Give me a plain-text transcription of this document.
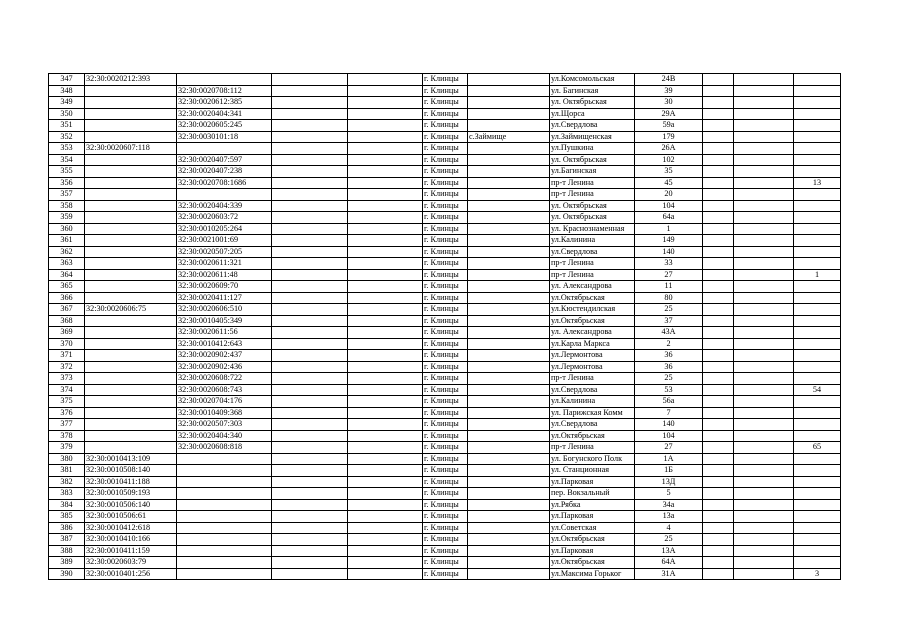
347	32:30:0020212:393				г. Клинцы		ул.Комсомольская	24В			
348		32:30:0020708:112			г. Клинцы		ул. Багинская	39			
349		32:30:0020612:385			г. Клинцы		ул. Октябрьская	30			
350		32:30:0020404:341			г. Клинцы		ул.Щорса	29А			
351		32:30:0020605:245			г. Клинцы		ул.Свердлова	59а			
352		32:30:0030101:18			г. Клинцы	с.Займище	ул.Займищенская	179			
353	32:30:0020607:118				г. Клинцы		ул.Пушкина	26А			
354		32:30:0020407:597			г. Клинцы		ул. Октябрьская	102			
355		32:30:0020407:238			г. Клинцы		ул.Багинская	35			
356		32:30:0020708:1686			г. Клинцы		пр-т Ленина	45			13
357					г. Клинцы		пр-т Ленина	20			
358		32:30:0020404:339			г. Клинцы		ул. Октябрьская	104			
359		32:30:0020603:72			г. Клинцы		ул. Октябрьская	64а			
360		32:30:0010205:264			г. Клинцы		ул. Краснознаменная	1			
361		32:30:0021001:69			г. Клинцы		ул.Калинина	149			
362		32:30:0020507:205			г. Клинцы		ул.Свердлова	140			
363		32:30:0020611:321			г. Клинцы		пр-т Ленина	33			
364		32:30:0020611:48			г. Клинцы		пр-т Ленина	27			1
365		32:30:0020609:70			г. Клинцы		ул. Александрова	11			
366		32:30:0020411:127			г. Клинцы		ул.Октябрьская	80			
367	32:30:0020606:75	32:30:0020606:510			г. Клинцы		ул.Кюстендилская	25			
368		32:30:0010405:349			г. Клинцы		ул.Октябрьская	37			
369		32:30:0020611:56			г. Клинцы		ул. Александрова	43А			
370		32:30:0010412:643			г. Клинцы		ул.Карла Маркса	2			
371		32:30:0020902:437			г. Клинцы		ул.Лермонтова	36			
372		32:30:0020902:436			г. Клинцы		ул.Лермонтова	36			
373		32:30:0020608:722			г. Клинцы		пр-т Ленина	25			
374		32:30:0020608:743			г. Клинцы		ул.Свердлова	53			54
375		32:30:0020704:176			г. Клинцы		ул.Калинина	56а			
376		32:30:0010409:368			г. Клинцы		ул. Парижская Комм	7			
377		32:30:0020507:303			г. Клинцы		ул.Свердлова	140			
378		32:30:0020404:340			г. Клинцы		ул.Октябрьская	104			
379		32:30:0020608:818			г. Клинцы		пр-т Ленина	27			65
380	32:30:0010413:109				г. Клинцы		ул. Богунского Полк	1А			
381	32:30:0010508:140				г. Клинцы		ул. Станционная	1Б			
382	32:30:0010411:188				г. Клинцы		ул.Парковая	13Д			
383	32:30:0010509:193				г. Клинцы		пер. Вокзальный	5			
384	32:30:0010506:140				г. Клинцы		ул.Рябка	34а			
385	32:30:0010506:61				г. Клинцы		ул.Парковая	13а			
386	32:30:0010412:618				г. Клинцы		ул.Советская	4			
387	32:30:0010410:166				г. Клинцы		ул.Октябрьская	25			
388	32:30:0010411:159				г. Клинцы		ул.Парковая	13А			
389	32:30:0020603:79				г. Клинцы		ул.Октябрьская	64А			
390	32:30:0010401:256				г. Клинцы		ул.Максима Горьког	31А			3
